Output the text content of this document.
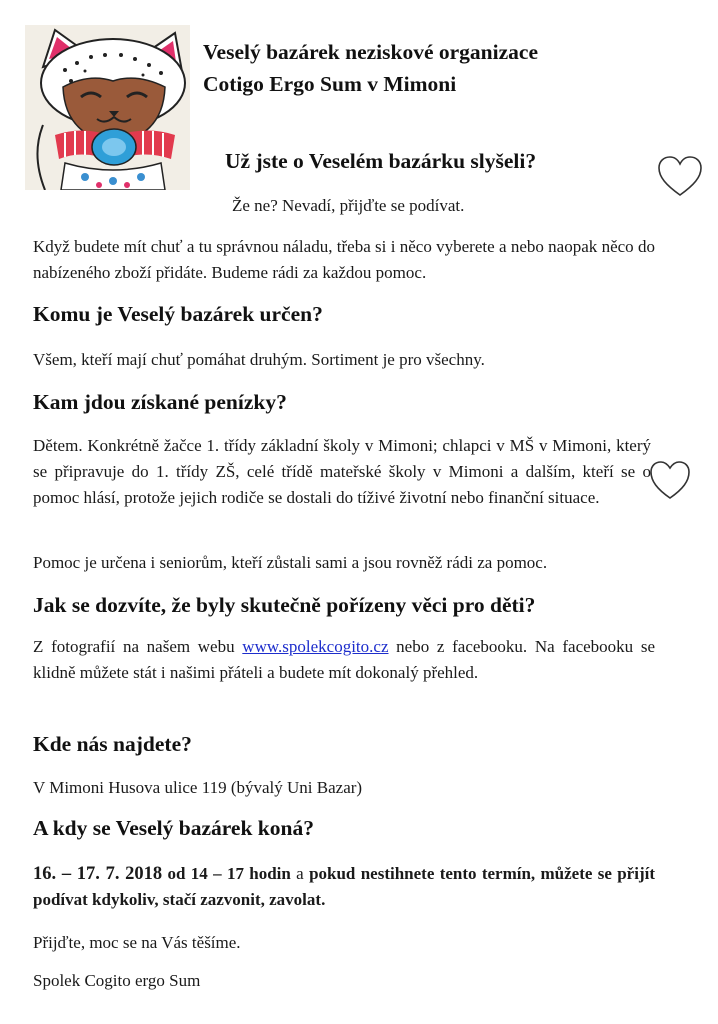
Veselý bazárek neziskové organizace
Cotigo Ergo Sum v Mimoni
Už jste o Veselém bazárku slyšeli?
Že ne? Nevadí, přijďte se podívat.
Když budete mít chuť a tu správnou náladu, třeba si i něco vyberete a nebo naopak něco do nabízeného zboží přidáte. Budeme rádi za každou pomoc.
Komu je Veselý bazárek určen?
Všem, kteří mají chuť pomáhat druhým. Sortiment je pro všechny.
Kam jdou získané penízky?
Dětem. Konkrétně žačce 1. třídy základní školy v Mimoni; chlapci v MŠ v Mimoni, který se připravuje do 1. třídy ZŠ, celé třídě mateřské školy v Mimoni a dalším, kteří se o pomoc hlásí, protože jejich rodiče se dostali do tíživé životní nebo finanční situace.
Pomoc je určena i seniorům, kteří zůstali sami a jsou rovněž rádi za pomoc.
Jak se dozvíte, že byly skutečně pořízeny věci pro děti?
Z fotografií na našem webu www.spolekcogito.cz nebo z facebooku. Na facebooku se klidně můžete stát i našimi přáteli a budete mít dokonalý přehled.
Kde nás najdete?
V Mimoni Husova ulice 119 (bývalý Uni Bazar)
A kdy se Veselý bazárek koná?
16. – 17. 7. 2018 od 14 – 17 hodin a pokud nestihnete tento termín, můžete se přijít podívat kdykoliv, stačí zazvonit, zavolat.
Přijďte, moc se na Vás těšíme.
Spolek Cogito ergo Sum
